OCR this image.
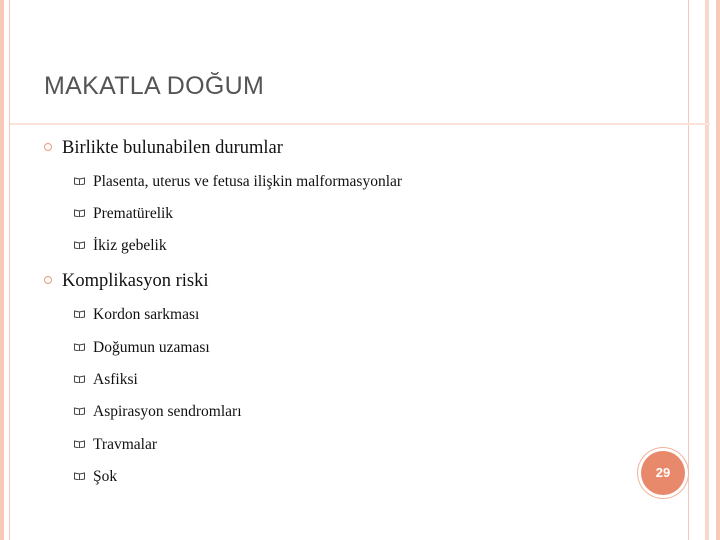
MAKATLA DOĞUM
Birlikte bulunabilen durumlar
Plasenta, uterus ve fetusa ilişkin malformasyonlar
Prematürelik
İkiz gebelik
Komplikasyon riski
Kordon sarkması
Doğumun uzaması
Asfiksi
Aspirasyon sendromları
Travmalar
Şok	29
